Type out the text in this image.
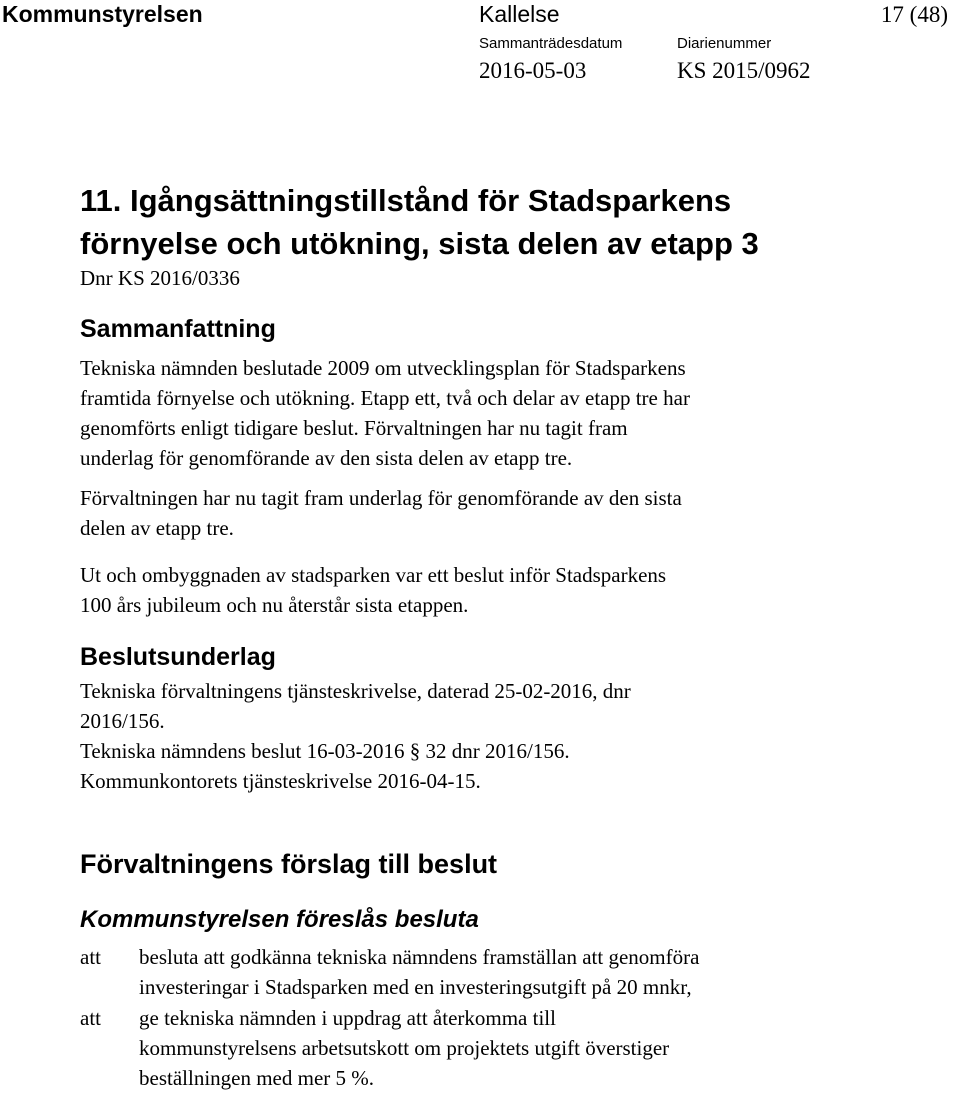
Kommunstyrelsen	Kallelse	17 (48)
Sammanträdesdatum	Diarienummer
2016-05-03	KS 2015/0962
11. Igångsättningstillstånd för Stadsparkens
förnyelse och utökning, sista delen av etapp 3
Dnr KS 2016/0336
Sammanfattning
Tekniska nämnden beslutade 2009 om utvecklingsplan för Stadsparkens
framtida förnyelse och utökning. Etapp ett, två och delar av etapp tre har
genomförts enligt tidigare beslut. Förvaltningen har nu tagit fram
underlag för genomförande av den sista delen av etapp tre.
Förvaltningen har nu tagit fram underlag för genomförande av den sista
delen av etapp tre.
Ut och ombyggnaden av stadsparken var ett beslut inför Stadsparkens
100 års jubileum och nu återstår sista etappen.
Beslutsunderlag
Tekniska förvaltningens tjänsteskrivelse, daterad 25-02-2016, dnr
2016/156.
Tekniska nämndens beslut 16-03-2016 § 32 dnr 2016/156.
Kommunkontorets tjänsteskrivelse 2016-04-15.
Förvaltningens förslag till beslut
Kommunstyrelsen föreslås besluta
att besluta att godkänna tekniska nämndens framställan att genomföra
investeringar i Stadsparken med en investeringsutgift på 20 mnkr,
att ge tekniska nämnden i uppdrag att återkomma till
kommunstyrelsens arbetsutskott om projektets utgift överstiger
beställningen med mer 5 %.
